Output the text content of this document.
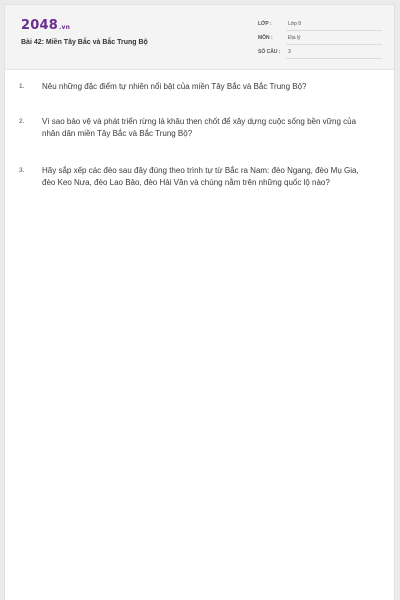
2048.vn
Bài 42: Miền Tây Bắc và Bắc Trung Bộ
LỚP :	Lớp 8
MÔN :	Địa lý
SỐ CÂU : 3
1. Nêu những đặc điểm tự nhiên nổi bật của miền Tây Bắc và Bắc Trung Bộ?
2. Vì sao bảo vệ và phát triển rừng là khâu then chốt để xây dựng cuộc sống bền vững của nhân dân miền Tây Bắc và Bắc Trung Bộ?
3. Hãy sắp xếp các đèo sau đây đúng theo trình tự từ Bắc ra Nam: đèo Ngang, đèo Mụ Gia, đèo Keo Nưa, đèo Lao Bảo, đèo Hải Vân và chúng nằm trên những quốc lộ nào?
